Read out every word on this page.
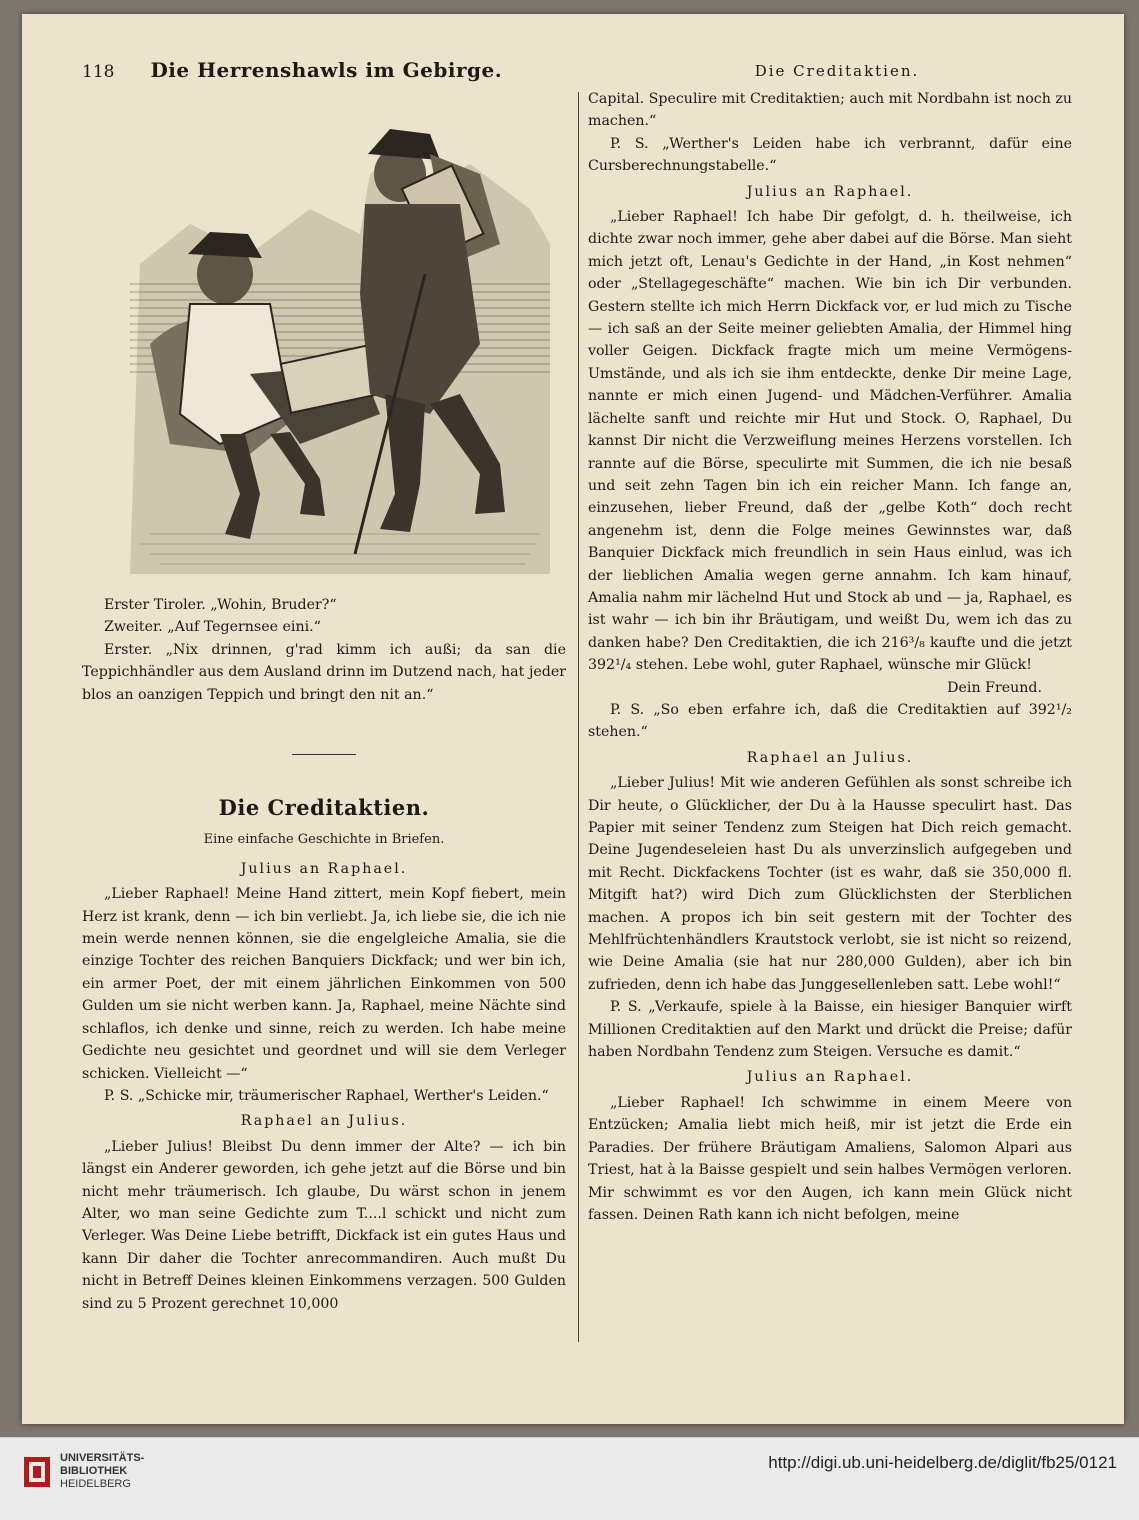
118 Die Herrenshawls im Gebirge.	Die Creditaktien.

Erster Tiroler. „Wohin, Bruder?“

Zweiter. „Auf Tegernsee eini.“

Erster. „Nix drinnen, g'rad kimm ich außi; da san die Teppichhändler aus dem Ausland drinn im Dutzend nach, hat jeder blos an oanzigen Teppich und bringt den nit an.“

Die Creditaktien.
Eine einfache Geschichte in Briefen.

Julius an Raphael.

„Lieber Raphael! Meine Hand zittert, mein Kopf fiebert, mein Herz ist krank, denn — ich bin verliebt. Ja, ich liebe sie, die ich nie mein werde nennen können, sie die engelgleiche Amalia, sie die einzige Tochter des reichen Banquiers Dickfack; und wer bin ich, ein armer Poet, der mit einem jährlichen Einkommen von 500 Gulden um sie nicht werben kann. Ja, Raphael, meine Nächte sind schlaflos, ich denke und sinne, reich zu werden. Ich habe meine Gedichte neu gesichtet und geordnet und will sie dem Verleger schicken. Vielleicht —“

P. S. „Schicke mir, träumerischer Raphael, Werther's Leiden.“

Raphael an Julius.

„Lieber Julius! Bleibst Du denn immer der Alte? — ich bin längst ein Anderer geworden, ich gehe jetzt auf die Börse und bin nicht mehr träumerisch. Ich glaube, Du wärst schon in jenem Alter, wo man seine Gedichte zum T....l schickt und nicht zum Verleger. Was Deine Liebe betrifft, Dickfack ist ein gutes Haus und kann Dir daher die Tochter anrecommandiren. Auch mußt Du nicht in Betreff Deines kleinen Einkommens verzagen. 500 Gulden sind zu 5 Prozent gerechnet 10,000

Capital. Speculire mit Creditaktien; auch mit Nordbahn ist noch zu machen.“

P. S. „Werther's Leiden habe ich verbrannt, dafür eine Cursberechnungstabelle.“

Julius an Raphael.

„Lieber Raphael! Ich habe Dir gefolgt, d. h. theilweise, ich dichte zwar noch immer, gehe aber dabei auf die Börse. Man sieht mich jetzt oft, Lenau's Gedichte in der Hand, „in Kost nehmen“ oder „Stellagegeschäfte“ machen. Wie bin ich Dir verbunden. Gestern stellte ich mich Herrn Dickfack vor, er lud mich zu Tische — ich saß an der Seite meiner geliebten Amalia, der Himmel hing voller Geigen. Dickfack fragte mich um meine Vermögens-Umstände, und als ich sie ihm entdeckte, denke Dir meine Lage, nannte er mich einen Jugend- und Mädchen-Verführer. Amalia lächelte sanft und reichte mir Hut und Stock. O, Raphael, Du kannst Dir nicht die Verzweiflung meines Herzens vorstellen. Ich rannte auf die Börse, speculirte mit Summen, die ich nie besaß und seit zehn Tagen bin ich ein reicher Mann. Ich fange an, einzusehen, lieber Freund, daß der „gelbe Koth“ doch recht angenehm ist, denn die Folge meines Gewinnstes war, daß Banquier Dickfack mich freundlich in sein Haus einlud, was ich der lieblichen Amalia wegen gerne annahm. Ich kam hinauf, Amalia nahm mir lächelnd Hut und Stock ab und — ja, Raphael, es ist wahr — ich bin ihr Bräutigam, und weißt Du, wem ich das zu danken habe? Den Creditaktien, die ich 216³/₈ kaufte und die jetzt 392¹/₄ stehen. Lebe wohl, guter Raphael, wünsche mir Glück!

Dein Freund.

P. S. „So eben erfahre ich, daß die Creditaktien auf 392¹/₂ stehen.“

Raphael an Julius.

„Lieber Julius! Mit wie anderen Gefühlen als sonst schreibe ich Dir heute, o Glücklicher, der Du à la Hausse speculirt hast. Das Papier mit seiner Tendenz zum Steigen hat Dich reich gemacht. Deine Jugendeseleien hast Du als unverzinslich aufgegeben und mit Recht. Dickfackens Tochter (ist es wahr, daß sie 350,000 fl. Mitgift hat?) wird Dich zum Glücklichsten der Sterblichen machen. A propos ich bin seit gestern mit der Tochter des Mehlfrüchtenhändlers Krautstock verlobt, sie ist nicht so reizend, wie Deine Amalia (sie hat nur 280,000 Gulden), aber ich bin zufrieden, denn ich habe das Junggesellenleben satt. Lebe wohl!“

P. S. „Verkaufe, spiele à la Baisse, ein hiesiger Banquier wirft Millionen Creditaktien auf den Markt und drückt die Preise; dafür haben Nordbahn Tendenz zum Steigen. Versuche es damit.“

Julius an Raphael.

„Lieber Raphael! Ich schwimme in einem Meere von Entzücken; Amalia liebt mich heiß, mir ist jetzt die Erde ein Paradies. Der frühere Bräutigam Amaliens, Salomon Alpari aus Triest, hat à la Baisse gespielt und sein halbes Vermögen verloren. Mir schwimmt es vor den Augen, ich kann mein Glück nicht fassen. Deinen Rath kann ich nicht befolgen, meine

UNIVERSITÄTS-
BIBLIOTHEK
HEIDELBERG
http://digi.ub.uni-heidelberg.de/diglit/fb25/0121
